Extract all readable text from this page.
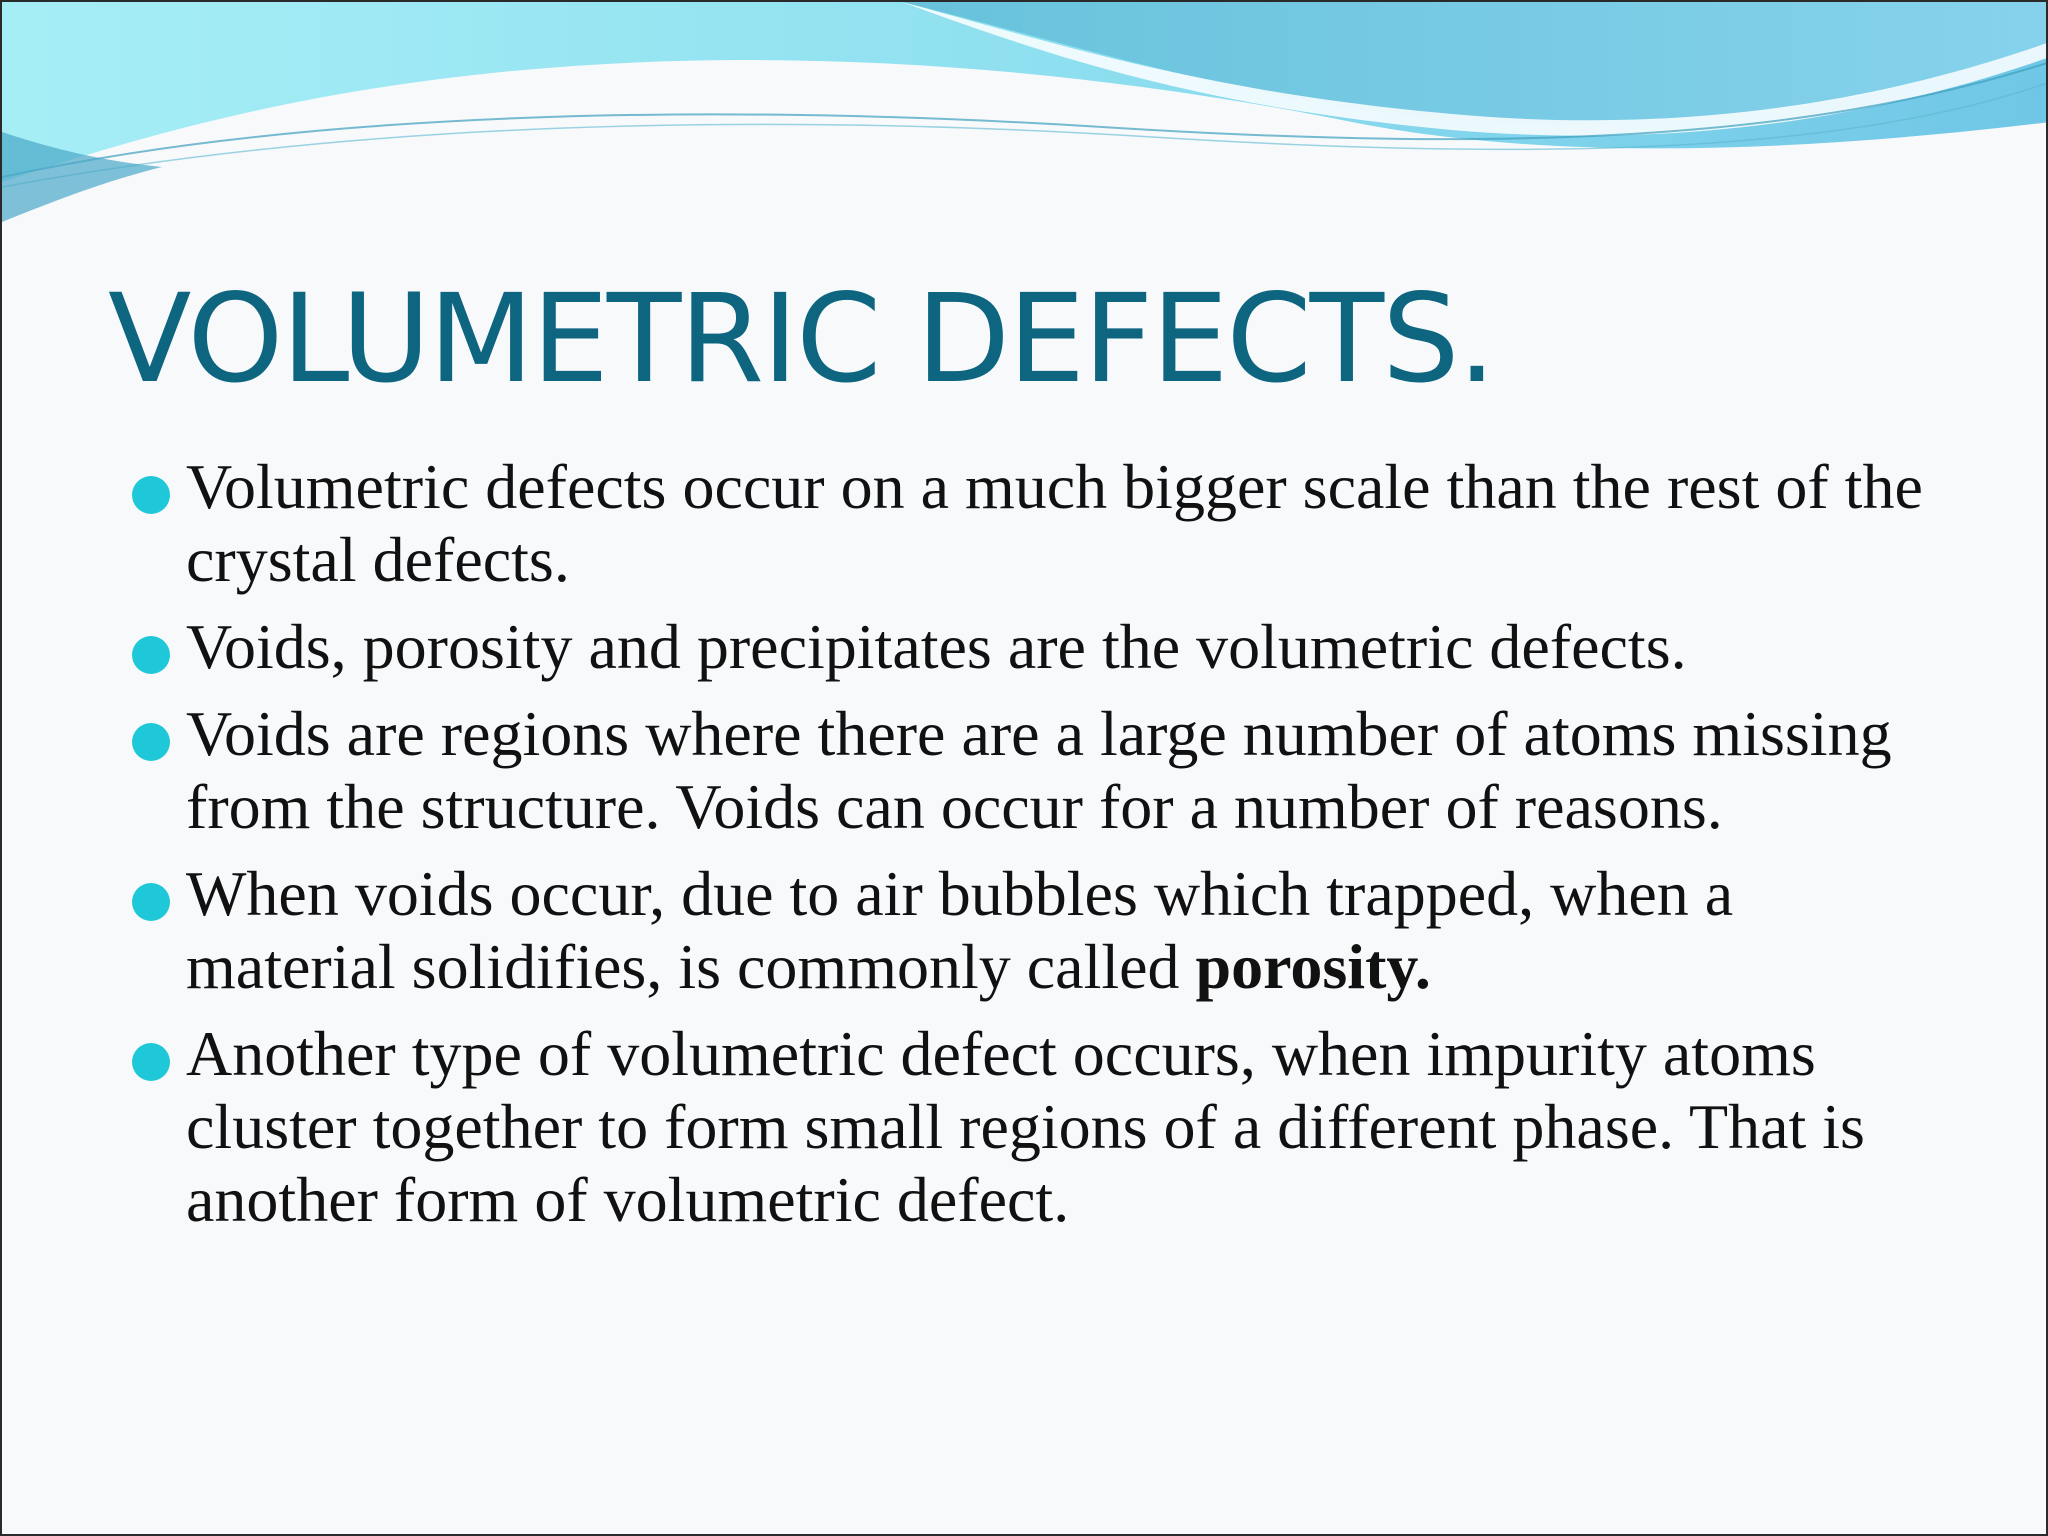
VOLUMETRIC DEFECTS.
Volumetric defects occur on a much bigger scale than the rest of the crystal defects.
Voids, porosity and precipitates are the volumetric defects.
Voids are regions where there are a large number of atoms missing from the structure. Voids can occur for a number of reasons.
When voids occur, due to air bubbles which trapped, when a material solidifies, is commonly called porosity.
Another type of volumetric defect occurs, when impurity atoms cluster together to form small regions of a different phase. That is another form of volumetric defect.
